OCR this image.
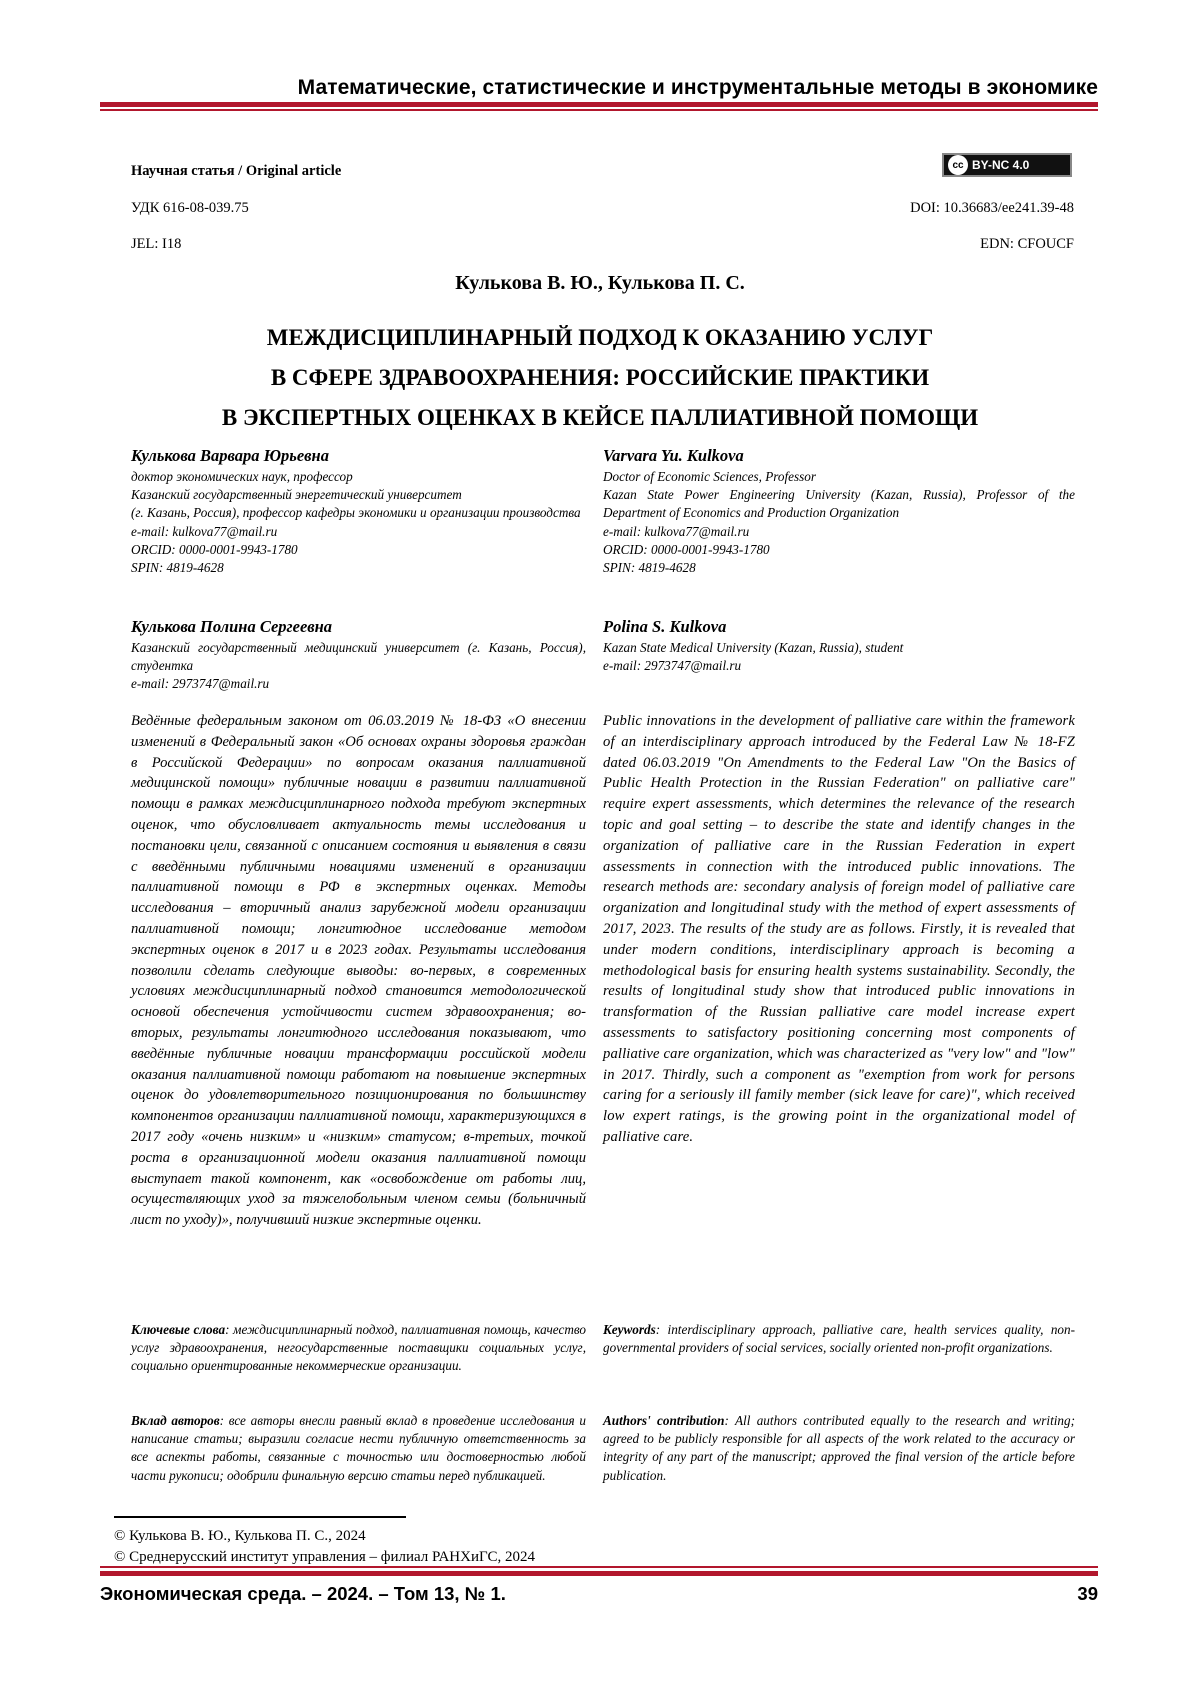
Математические, статистические и инструментальные методы в экономике
Научная статья / Original article	cc BY-NC 4.0
УДК 616-08-039.75	DOI: 10.36683/ee241.39-48
JEL: I18	EDN: CFOUCF
Кулькова В. Ю., Кулькова П. С.
МЕЖДИСЦИПЛИНАРНЫЙ ПОДХОД К ОКАЗАНИЮ УСЛУГ
В СФЕРЕ ЗДРАВООХРАНЕНИЯ: РОССИЙСКИЕ ПРАКТИКИ
В ЭКСПЕРТНЫХ ОЦЕНКАХ В КЕЙСЕ ПАЛЛИАТИВНОЙ ПОМОЩИ
Кулькова Варвара Юрьевна
доктор экономических наук, профессор
Казанский государственный энергетический университет
(г. Казань, Россия), профессор кафедры экономики и организации производства
e-mail: kulkova77@mail.ru
ORCID: 0000-0001-9943-1780
SPIN: 4819-4628
Varvara Yu. Kulkova
Doctor of Economic Sciences, Professor
Kazan State Power Engineering University (Kazan, Russia), Professor of the Department of Economics and Production Organization
e-mail: kulkova77@mail.ru
ORCID: 0000-0001-9943-1780
SPIN: 4819-4628
Кулькова Полина Сергеевна
Казанский государственный медицинский университет (г. Казань, Россия), студентка
e-mail: 2973747@mail.ru
Polina S. Kulkova
Kazan State Medical University (Kazan, Russia), student
e-mail: 2973747@mail.ru
Ведённые федеральным законом от 06.03.2019 № 18-ФЗ «О внесении изменений в Федеральный закон «Об основах охраны здоровья граждан в Российской Федерации» по вопросам оказания паллиативной медицинской помощи» публичные новации в развитии паллиативной помощи в рамках междисциплинарного подхода требуют экспертных оценок, что обусловливает актуальность темы исследования и постановки цели, связанной с описанием состояния и выявления в связи с введёнными публичными новациями изменений в организации паллиативной помощи в РФ в экспертных оценках. Методы исследования – вторичный анализ зарубежной модели организации паллиативной помощи; лонгитюдное исследование методом экспертных оценок в 2017 и в 2023 годах. Результаты исследования позволили сделать следующие выводы: во-первых, в современных условиях междисциплинарный подход становится методологической основой обеспечения устойчивости систем здравоохранения; во-вторых, результаты лонгитюдного исследования показывают, что введённые публичные новации трансформации российской модели оказания паллиативной помощи работают на повышение экспертных оценок до удовлетворительного позиционирования по большинству компонентов организации паллиативной помощи, характеризующихся в 2017 году «очень низким» и «низким» статусом; в-третьих, точкой роста в организационной модели оказания паллиативной помощи выступает такой компонент, как «освобождение от работы лиц, осуществляющих уход за тяжелобольным членом семьи (больничный лист по уходу)», получивший низкие экспертные оценки.
Public innovations in the development of palliative care within the framework of an interdisciplinary approach introduced by the Federal Law № 18-FZ dated 06.03.2019 "On Amendments to the Federal Law "On the Basics of Public Health Protection in the Russian Federation" on palliative care" require expert assessments, which determines the relevance of the research topic and goal setting – to describe the state and identify changes in the organization of palliative care in the Russian Federation in expert assessments in connection with the introduced public innovations. The research methods are: secondary analysis of foreign model of palliative care organization and longitudinal study with the method of expert assessments of 2017, 2023. The results of the study are as follows. Firstly, it is revealed that under modern conditions, interdisciplinary approach is becoming a methodological basis for ensuring health systems sustainability. Secondly, the results of longitudinal study show that introduced public innovations in transformation of the Russian palliative care model increase expert assessments to satisfactory positioning concerning most components of palliative care organization, which was characterized as "very low" and "low" in 2017. Thirdly, such a component as "exemption from work for persons caring for a seriously ill family member (sick leave for care)", which received low expert ratings, is the growing point in the organizational model of palliative care.
Ключевые слова: междисциплинарный подход, паллиативная помощь, качество услуг здравоохранения, негосударственные поставщики социальных услуг, социально ориентированные некоммерческие организации.
Keywords: interdisciplinary approach, palliative care, health services quality, non-governmental providers of social services, socially oriented non-profit organizations.
Вклад авторов: все авторы внесли равный вклад в проведение исследования и написание статьи; выразили согласие нести публичную ответственность за все аспекты работы, связанные с точностью или достоверностью любой части рукописи; одобрили финальную версию статьи перед публикацией.
Authors' contribution: All authors contributed equally to the research and writing; agreed to be publicly responsible for all aspects of the work related to the accuracy or integrity of any part of the manuscript; approved the final version of the article before publication.
© Кулькова В. Ю., Кулькова П. С., 2024
© Среднерусский институт управления – филиал РАНХиГС, 2024
Экономическая среда. – 2024. – Том 13, № 1.	39
